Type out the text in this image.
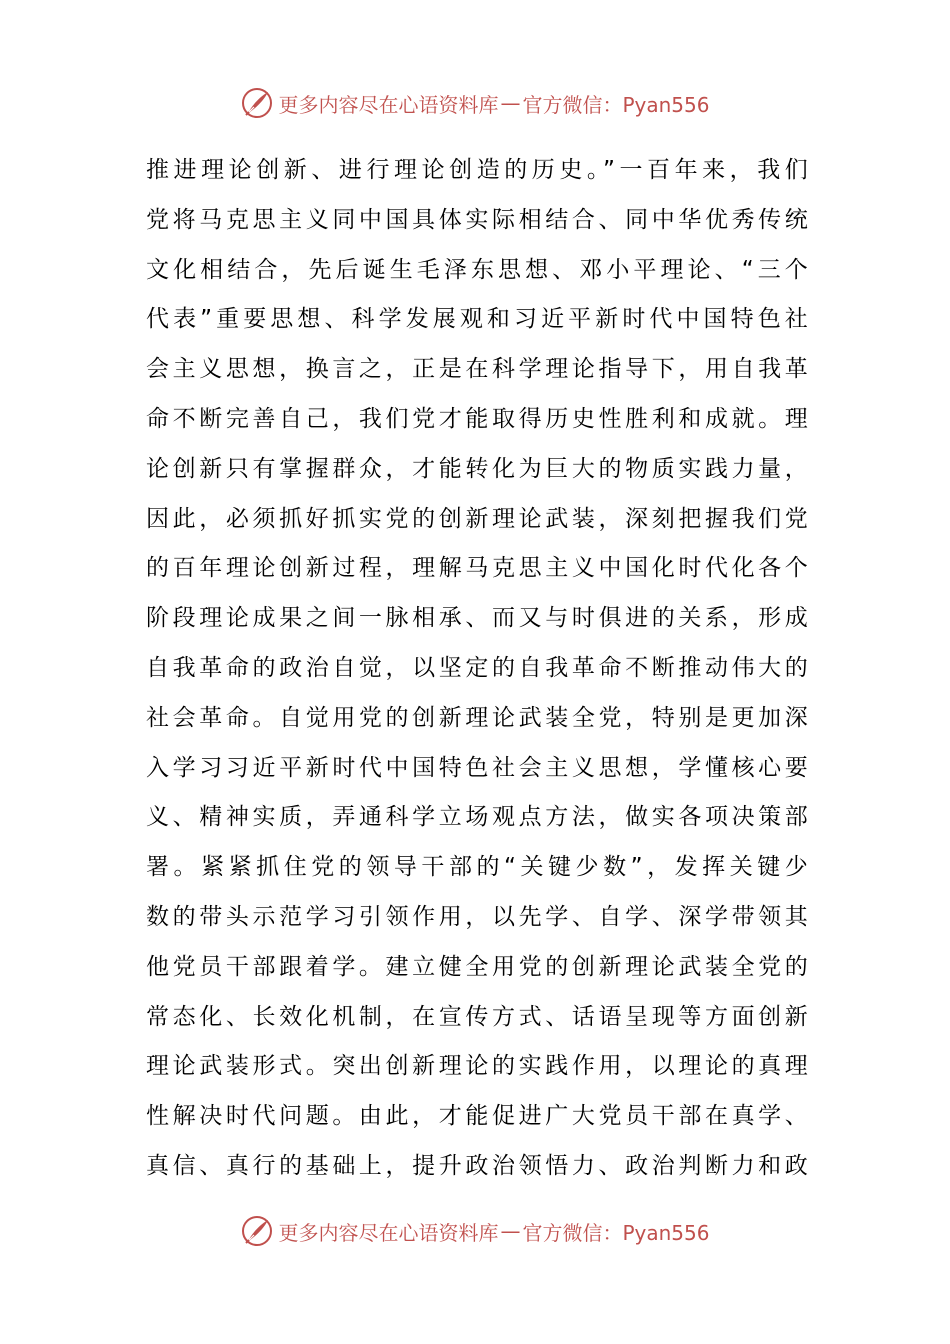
更多内容尽在心语资料库 — 官方微信：Pyan556
推进理论创新、进行理论创造的历史。”一百年来，我们
党将马克思主义同中国具体实际相结合、同中华优秀传统
文化相结合，先后诞生毛泽东思想、邓小平理论、“三个
代表”重要思想、科学发展观和习近平新时代中国特色社
会主义思想，换言之，正是在科学理论指导下，用自我革
命不断完善自己，我们党才能取得历史性胜利和成就。理
论创新只有掌握群众，才能转化为巨大的物质实践力量，
因此，必须抓好抓实党的创新理论武装，深刻把握我们党
的百年理论创新过程，理解马克思主义中国化时代化各个
阶段理论成果之间一脉相承、而又与时俱进的关系，形成
自我革命的政治自觉，以坚定的自我革命不断推动伟大的
社会革命。自觉用党的创新理论武装全党，特别是更加深
入学习习近平新时代中国特色社会主义思想，学懂核心要
义、精神实质，弄通科学立场观点方法，做实各项决策部
署。紧紧抓住党的领导干部的“关键少数”，发挥关键少
数的带头示范学习引领作用，以先学、自学、深学带领其
他党员干部跟着学。建立健全用党的创新理论武装全党的
常态化、长效化机制，在宣传方式、话语呈现等方面创新
理论武装形式。突出创新理论的实践作用，以理论的真理
性解决时代问题。由此，才能促进广大党员干部在真学、
真信、真行的基础上，提升政治领悟力、政治判断力和政
更多内容尽在心语资料库 — 官方微信：Pyan556
